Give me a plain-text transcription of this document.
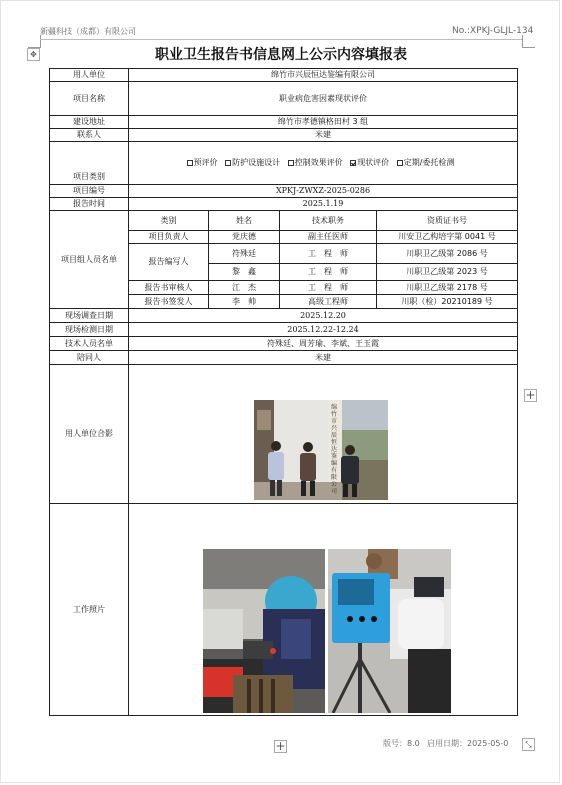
新疆科技（成都）有限公司	No.:XPKJ-GLJL-134
✥	职业卫生报告书信息网上公示内容填报表
用人单位	绵竹市兴辰恒达鉴编有限公司			
项目名称	职业病危害因素现状评价			
建设地址	绵竹市孝德镇格田村 3 组			
联系人	米建			
项目类别	预评价 防护设施设计 控制效果评价 现状评价 定期/委托检测			
项目编号	XPKJ-ZWXZ-2025-0286			
报告时间	2025.1.19			
项目组人员名单	类别	姓名	技术职务	资质证书号
	项目负责人	党庆德	副主任医师	川安卫乙构培字第 0041 号
	报告编写人	符殊廷	工　程　师	川职卫乙级第 2086 号
		黎　鑫	工　程　师	川职卫乙级第 2023 号
	报告书审核人	江　杰	工　程　师	川职卫乙级第 2178 号
	报告书签发人	李　帅	高级工程师	川职（检）20210189 号
现场调查日期	2025.12.20			
现场检测日期	2025.12.22-12.24			
技术人员名单	符殊廷、周芳瑜、李斌、王玉霞			
陪同人	米建			
用人单位合影				
工作照片				
绵竹市兴辰恒达鉴编有限公司
+
+	⤡
版号：8.0 启用日期：2025-05-0
